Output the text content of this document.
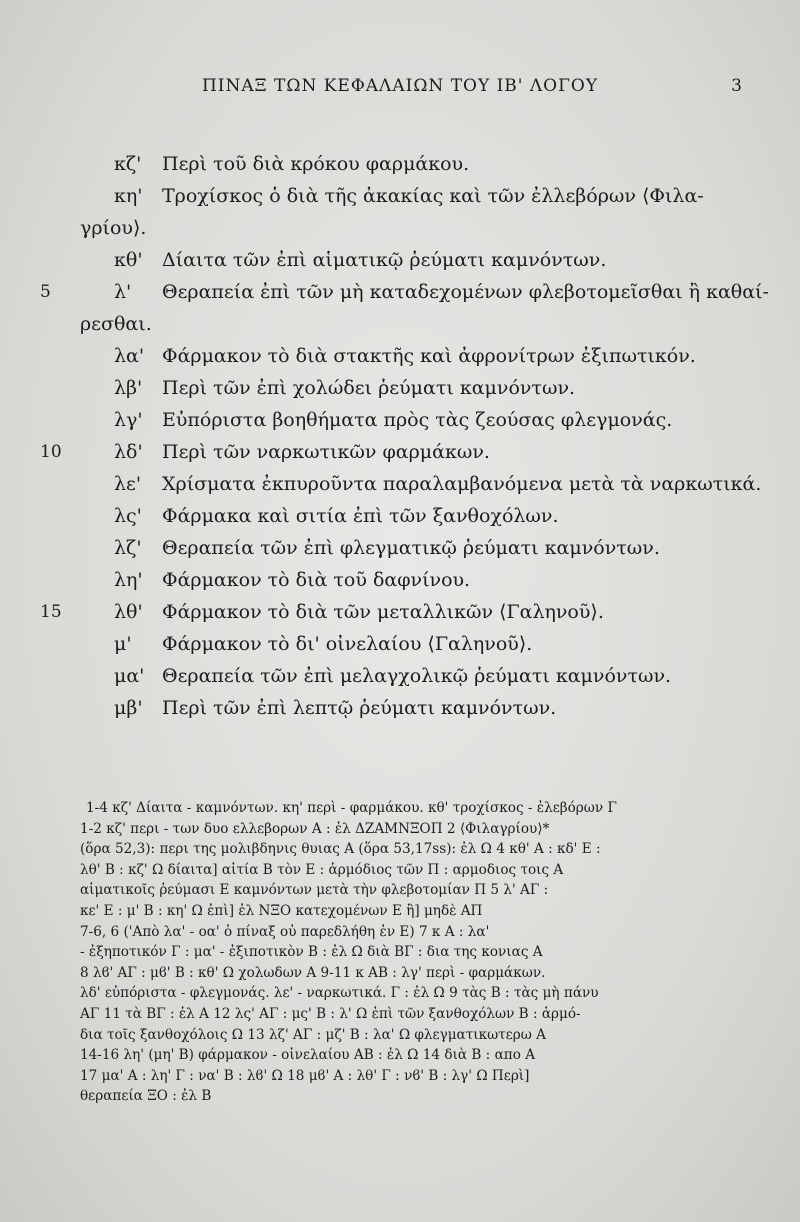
ΠΙΝΑΞ ΤΩΝ ΚΕΦΑΛΑΙΩΝ ΤΟΥ ΙΒ' ΛΟΓΟΥ	3
κζ'	Περὶ τοῦ διὰ κρόκου φαρμάκου.
κη'	Τροχίσκος ὁ διὰ τῆς ἀκακίας καὶ τῶν ἐλλεβόρων ⟨Φιλα-
γρίου⟩.
κθ'	Δίαιτα τῶν ἐπὶ αἱματικῷ ῥεύματι καμνόντων.
5	λ'	Θεραπεία ἐπὶ τῶν μὴ καταδεχομένων φλεβοτομεῖσθαι ἢ καθαί-
ρεσθαι.
λα' Φάρμακον τὸ διὰ στακτῆς καὶ ἀφρονίτρων ἐξιπωτικόν.
λβ'	Περὶ τῶν ἐπὶ χολώδει ῥεύματι καμνόντων.
λγ'	Εὐπόριστα βοηθήματα πρὸς τὰς ζεούσας φλεγμονάς.
10	λδ'	Περὶ τῶν ναρκωτικῶν φαρμάκων.
λε'	Χρίσματα ἐκπυροῦντα παραλαμβανόμενα μετὰ τὰ ναρκωτικά.
λς'	Φάρμακα καὶ σιτία ἐπὶ τῶν ξανθοχόλων.
λζ'	Θεραπεία τῶν ἐπὶ φλεγματικῷ ῥεύματι καμνόντων.
λη'	Φάρμακον τὸ διὰ τοῦ δαφνίνου.
15	λθ'	Φάρμακον τὸ διὰ τῶν μεταλλικῶν ⟨Γαληνοῦ⟩.
μ'	Φάρμακον τὸ δι' οἰνελαίου ⟨Γαληνοῦ⟩.
μα' Θεραπεία τῶν ἐπὶ μελαγχολικῷ ῥεύματι καμνόντων.
μβ'	Περὶ τῶν ἐπὶ λεπτῷ ῥεύματι καμνόντων.
1-4 κζ' Δίαιτα - καμνόντων. κη' περὶ - φαρμάκου. κθ' τροχίσκος - ἐλεβόρων Γ
1-2 κζ' περι - των δυο ελλεβορων Α : ἐλ ΔΖΑΜΝΞΟΠ 2 ⟨Φιλαγρίου⟩*
(ὅρα 52,3): περι της μολιβδηνις θυιας Α (ὅρα 53,17ss): ἐλ Ω 4 κθ' Α : κδ' Ε :
λθ' Β : κζ' Ω δίαιτα] αἰτία Β τὸν Ε : ἁρμόδιος τῶν Π : αρμοδιος τοις Α
αἱματικοῖς ῥεύμασι Ε καμνόντων μετὰ τὴν φλεβοτομίαν Π 5 λ' ΑΓ :
κε' Ε : μ' Β : κη' Ω ἐπὶ] ἐλ ΝΞΟ κατεχομένων Ε ἢ] μηδὲ ΑΠ
7-6, 6 ('Απὸ λα' - οα' ὁ πίναξ οὐ παρεδλήθη ἐν Ε) 7 κ Α : λα'
- ἐξηποτικόν Γ : μα' - ἐξιποτικὸν Β : ἐλ Ω διὰ ΒΓ : δια της κονιας Α
8 λϐ' ΑΓ : μϐ' Β : κθ' Ω χολωδων Α 9-11 κ ΑΒ : λγ' περὶ - φαρμάκων.
λδ' εὐπόριστα - φλεγμονάς. λε' - ναρκωτικά. Γ : ἐλ Ω 9 τὰς Β : τὰς μὴ πάνυ
ΑΓ 11 τὰ ΒΓ : ἐλ Α 12 λς' ΑΓ : μς' Β : λ' Ω ἐπὶ τῶν ξανθοχόλων Β : ἁρμό-
δια τοῖς ξανθοχόλοις Ω 13 λζ' ΑΓ : μζ' Β : λα' Ω φλεγματικωτερω Α
14-16 λη' (μη' Β) φάρμακον - οἰνελαίου ΑΒ : ἐλ Ω 14 διὰ Β : απο Α
17 μα' Α : λη' Γ : να' Β : λϐ' Ω 18 μϐ' Α : λθ' Γ : νϐ' Β : λγ' Ω Περὶ]
θεραπεία ΞΟ : ἐλ Β
